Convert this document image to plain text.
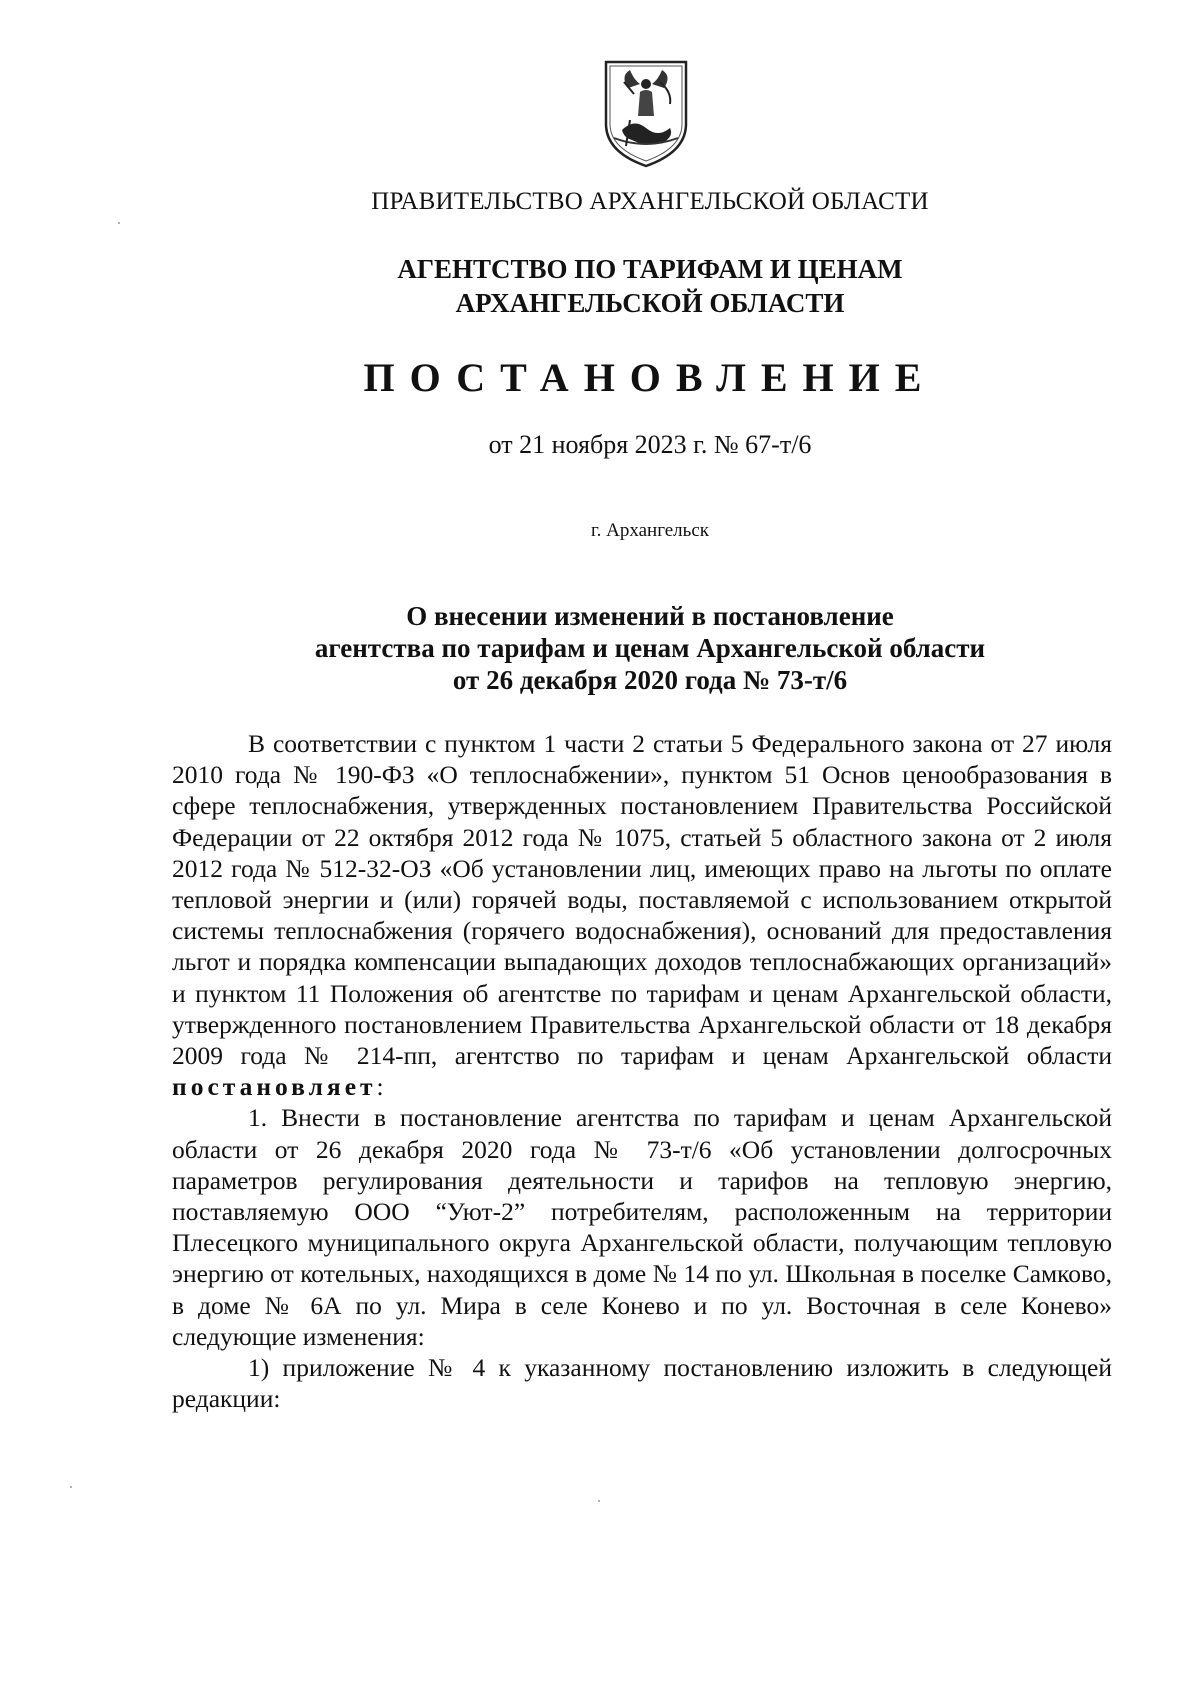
ПРАВИТЕЛЬСТВО АРХАНГЕЛЬСКОЙ ОБЛАСТИ
АГЕНТСТВО ПО ТАРИФАМ И ЦЕНАМ
АРХАНГЕЛЬСКОЙ ОБЛАСТИ
ПОСТАНОВЛЕНИЕ
от 21 ноября 2023 г. № 67-т/6
г. Архангельск
О внесении изменений в постановление
агентства по тарифам и ценам Архангельской области
от 26 декабря 2020 года № 73-т/6

В соответствии с пунктом 1 части 2 статьи 5 Федерального закона от 27 июля 2010 года № 190-ФЗ «О теплоснабжении», пунктом 51 Основ ценообразования в сфере теплоснабжения, утвержденных постановлением Правительства Российской Федерации от 22 октября 2012 года № 1075, статьей 5 областного закона от 2 июля 2012 года № 512-32-ОЗ «Об установлении лиц, имеющих право на льготы по оплате тепловой энергии и (или) горячей воды, поставляемой с использованием открытой системы теплоснабжения (горячего водоснабжения), оснований для предоставления льгот и порядка компенсации выпадающих доходов теплоснабжающих организаций» и пунктом 11 Положения об агентстве по тарифам и ценам Архангельской области, утвержденного постановлением Правительства Архангельской области от 18 декабря 2009 года № 214-пп, агентство по тарифам и ценам Архангельской области постановляет:

1. Внести в постановление агентства по тарифам и ценам Архангельской области от 26 декабря 2020 года № 73-т/6 «Об установлении долгосрочных параметров регулирования деятельности и тарифов на тепловую энергию, поставляемую ООО “Уют-2” потребителям, расположенным на территории Плесецкого муниципального округа Архангельской области, получающим тепловую энергию от котельных, находящихся в доме № 14 по ул. Школьная в поселке Самково, в доме № 6А по ул. Мира в селе Конево и по ул. Восточная в селе Конево» следующие изменения:

1) приложение № 4 к указанному постановлению изложить в следующей редакции:
